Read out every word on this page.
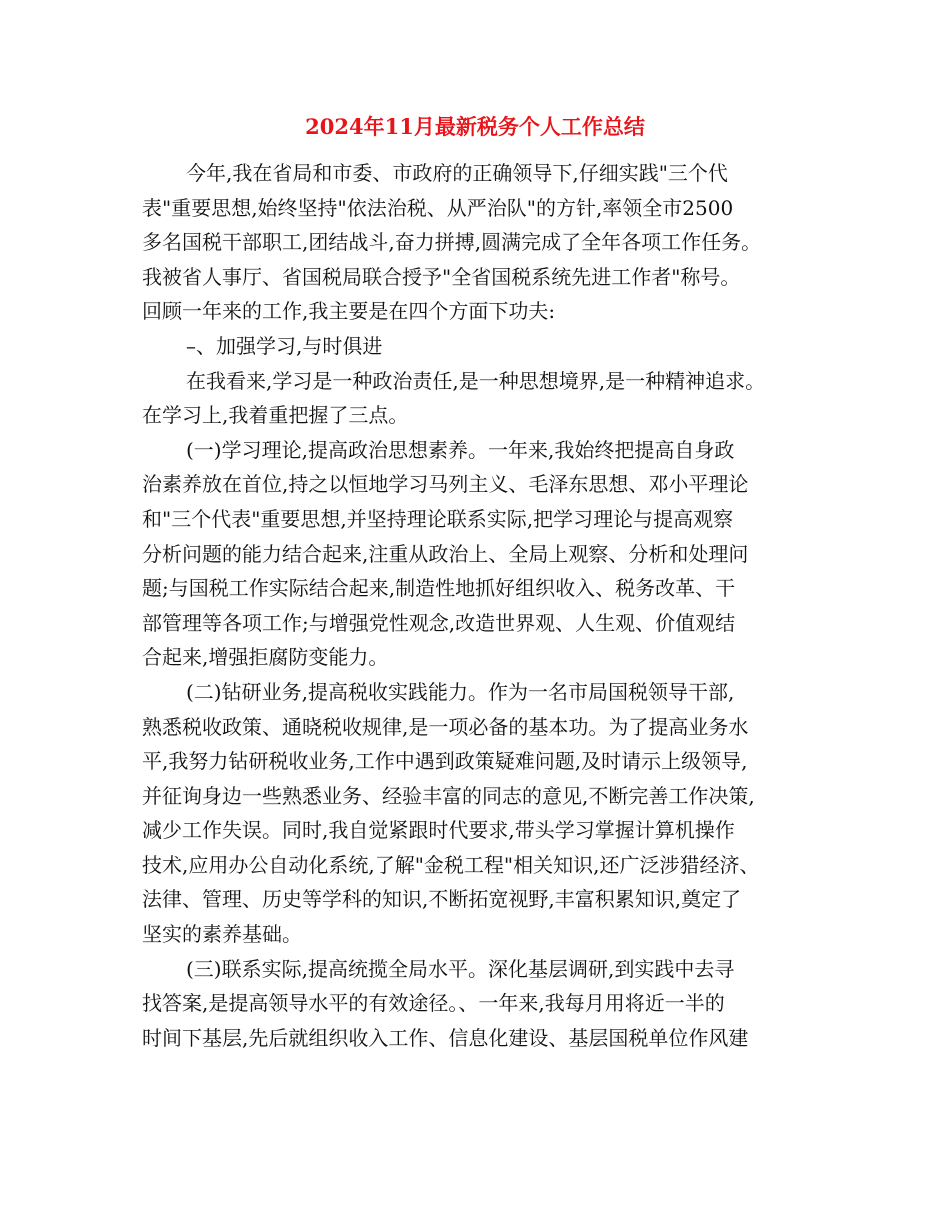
2024年11月最新税务个人工作总结
今年,我在省局和市委、市政府的正确领导下,仔细实践"三个代
表"重要思想,始终坚持"依法治税、从严治队"的方针,率领全市2500
多名国税干部职工,团结战斗,奋力拼搏,圆满完成了全年各项工作任务。
我被省人事厅、省国税局联合授予"全省国税系统先进工作者"称号。
回顾一年来的工作,我主要是在四个方面下功夫:
–、加强学习,与时俱进
在我看来,学习是一种政治责任,是一种思想境界,是一种精神追求。
在学习上,我着重把握了三点。
(一)学习理论,提高政治思想素养。一年来,我始终把提高自身政
治素养放在首位,持之以恒地学习马列主义、毛泽东思想、邓小平理论
和"三个代表"重要思想,并坚持理论联系实际,把学习理论与提高观察
分析问题的能力结合起来,注重从政治上、全局上观察、分析和处理问
题;与国税工作实际结合起来,制造性地抓好组织收入、税务改革、干
部管理等各项工作;与增强党性观念,改造世界观、人生观、价值观结
合起来,增强拒腐防变能力。
(二)钻研业务,提高税收实践能力。作为一名市局国税领导干部,
熟悉税收政策、通晓税收规律,是一项必备的基本功。为了提高业务水
平,我努力钻研税收业务,工作中遇到政策疑难问题,及时请示上级领导,
并征询身边一些熟悉业务、经验丰富的同志的意见,不断完善工作决策,
减少工作失误。同时,我自觉紧跟时代要求,带头学习掌握计算机操作
技术,应用办公自动化系统,了解"金税工程"相关知识,还广泛涉猎经济、
法律、管理、历史等学科的知识,不断拓宽视野,丰富积累知识,奠定了
坚实的素养基础。
(三)联系实际,提高统揽全局水平。深化基层调研,到实践中去寻
找答案,是提高领导水平的有效途径。、一年来,我每月用将近一半的
时间下基层,先后就组织收入工作、信息化建设、基层国税单位作风建
